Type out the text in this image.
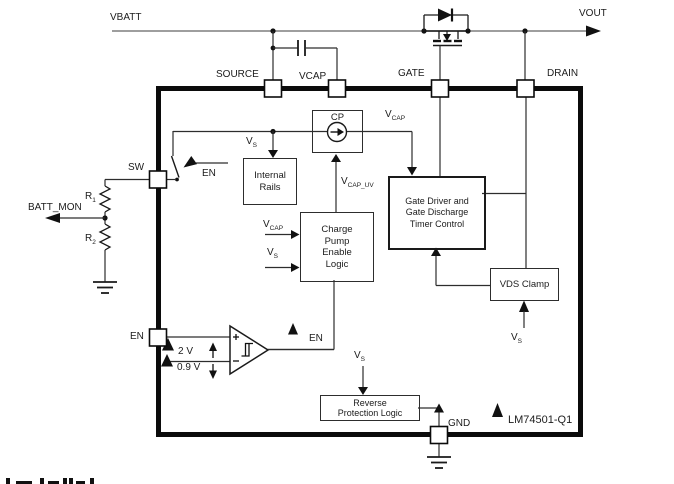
Internal
Rails
CP
Charge
Pump
Enable
Logic
Gate Driver and
Gate Discharge
Timer Control
VDS Clamp
Reverse
Protection Logic
VBATT	VOUT
SOURCE	VCAP	GATE	DRAIN
SW
EN
GND
BATT_MON
$R_1$
$R_2$
EN
$V_S$
$V_{CAP}$
$V_{CAP\_UV}$
$V_{CAP}$
$V_S$
2 V
0.9 V
EN
$V_S$
$V_S$
LM74501-Q1
